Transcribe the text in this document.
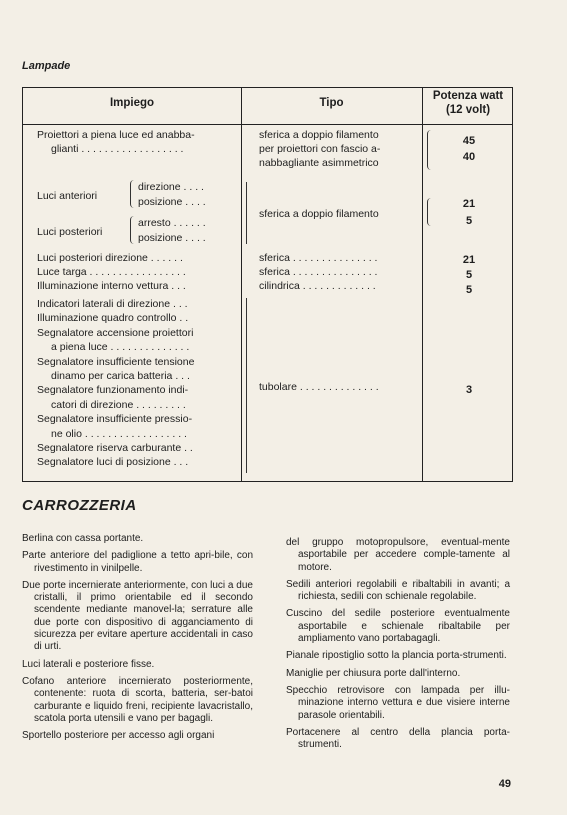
Lampade
Impiego	Tipo
Potenza watt
(12 volt)
Proiettori a piena luce ed anabba-
glianti . . . . . . . . . . . . . . . . . .
sferica a doppio filamento
per proiettori con fascio a-
nabbagliante asimmetrico
45
40
Luci anteriori
direzione . . . .
posizione . . . .
Luci posteriori
arresto . . . . . .
posizione . . . .
sferica a doppio filamento
21
5
Luci posteriori direzione . . . . . .
Luce targa . . . . . . . . . . . . . . . . .
Illuminazione interno vettura . . .
sferica . . . . . . . . . . . . . . .
sferica . . . . . . . . . . . . . . .
cilindrica . . . . . . . . . . . . .
21
5
5
Indicatori laterali di direzione . . .
Illuminazione quadro controllo . .
Segnalatore accensione proiettori
a piena luce . . . . . . . . . . . . . .
Segnalatore insufficiente tensione
dinamo per carica batteria . . .
Segnalatore funzionamento indi-
catori di direzione . . . . . . . . .
Segnalatore insufficiente pressio-
ne olio . . . . . . . . . . . . . . . . . .
Segnalatore riserva carburante . .
Segnalatore luci di posizione . . .
tubolare . . . . . . . . . . . . . .	3
CARROZZERIA

Berlina con cassa portante.

Parte anteriore del padiglione a tetto apri-bile, con rivestimento in vinilpelle.

Due porte incernierate anteriormente, con luci a due cristalli, il primo orientabile ed il secondo scendente mediante manovel-la; serrature alle due porte con dispositivo di agganciamento di sicurezza per evitare aperture accidentali in caso di urti.

Luci laterali e posteriore fisse.

Cofano anteriore incernierato posteriormente, contenente: ruota di scorta, batteria, ser-batoi carburante e liquido freni, recipiente lavacristallo, scatola porta utensili e vano per bagagli.

Sportello posteriore per accesso agli organi

del gruppo motopropulsore, eventual-mente asportabile per accedere comple-tamente al motore.

Sedili anteriori regolabili e ribaltabili in avanti; a richiesta, sedili con schienale regolabile.

Cuscino del sedile posteriore eventualmente asportabile e schienale ribaltabile per ampliamento vano portabagagli.

Pianale ripostiglio sotto la plancia porta-strumenti.

Maniglie per chiusura porte dall'interno.

Specchio retrovisore con lampada per illu-minazione interno vettura e due visiere interne parasole orientabili.

Portacenere al centro della plancia porta-strumenti.

49
